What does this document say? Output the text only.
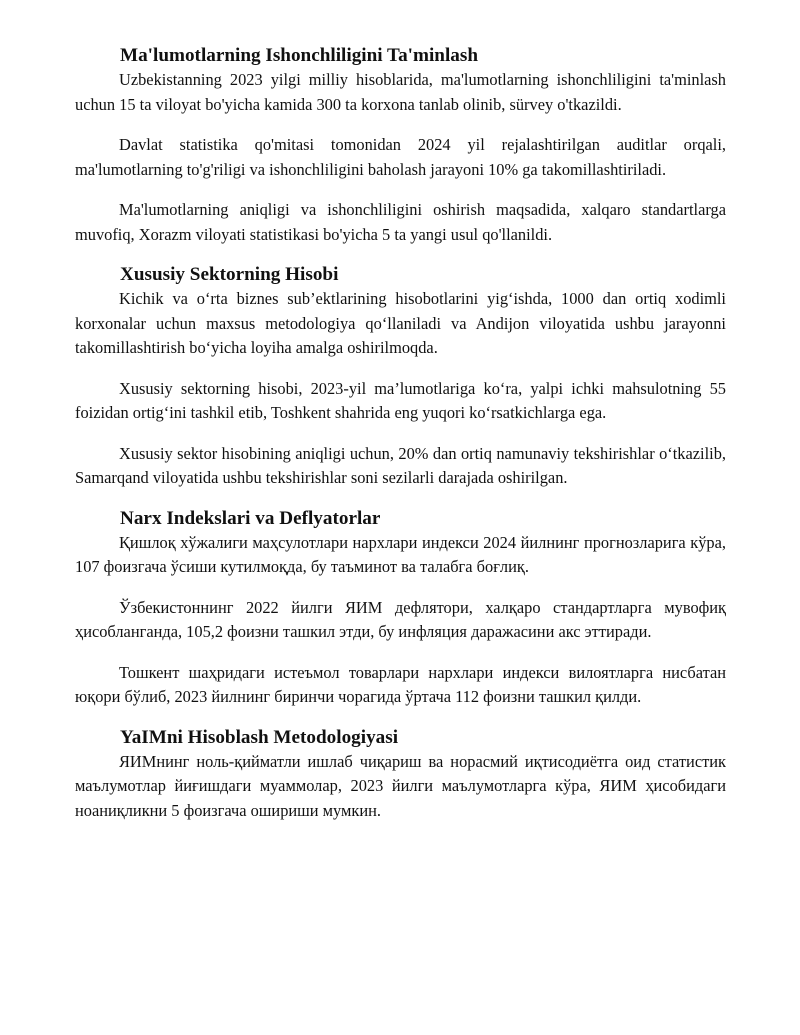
Ma'lumotlarning Ishonchliligini Ta'minlash

Uzbekistanning 2023 yilgi milliy hisoblarida, ma'lumotlarning ishonchliligini ta'minlash uchun 15 ta viloyat bo'yicha kamida 300 ta korxona tanlab olinib, sürvey o'tkazildi.

Davlat statistika qo'mitasi tomonidan 2024 yil rejalashtirilgan auditlar orqali, ma'lumotlarning to'g'riligi va ishonchliligini baholash jarayoni 10% ga takomillashtiriladi.

Ma'lumotlarning aniqligi va ishonchliligini oshirish maqsadida, xalqaro standartlarga muvofiq, Xorazm viloyati statistikasi bo'yicha 5 ta yangi usul qo'llanildi.

Xususiy Sektorning Hisobi

Kichik va o‘rta biznes sub’ektlarining hisobotlarini yig‘ishda, 1000 dan ortiq xodimli korxonalar uchun maxsus metodologiya qo‘llaniladi va Andijon viloyatida ushbu jarayonni takomillashtirish bo‘yicha loyiha amalga oshirilmoqda.

Xususiy sektorning hisobi, 2023-yil ma’lumotlariga ko‘ra, yalpi ichki mahsulotning 55 foizidan ortig‘ini tashkil etib, Toshkent shahrida eng yuqori ko‘rsatkichlarga ega.

Xususiy sektor hisobining aniqligi uchun, 20% dan ortiq namunaviy tekshirishlar o‘tkazilib, Samarqand viloyatida ushbu tekshirishlar soni sezilarli darajada oshirilgan.

Narx Indekslari va Deflyatorlar

Қишлоқ хўжалиги маҳсулотлари нархлари индекси 2024 йилнинг прогнозларига кўра, 107 фоизгача ўсиши кутилмоқда, бу таъминот ва талабга боғлиқ.

Ўзбекистоннинг 2022 йилги ЯИМ дефлятори, халқаро стандартларга мувофиқ ҳисоблангандa, 105,2 фоизни ташкил этди, бу инфляция даражасини акс эттиради.

Тошкент шаҳридаги истеъмол товарлари нархлари индекси вилоятларга нисбатан юқори бўлиб, 2023 йилнинг биринчи чорагида ўртача 112 фоизни ташкил қилди.

YaIMni Hisoblash Metodologiyasi

ЯИМнинг ноль-қийматли ишлаб чиқариш ва норасмий иқтисодиётга оид статистик маълумотлар йиғишдаги муаммолар, 2023 йилги маълумотларга кўра, ЯИМ ҳисобидаги ноаниқликни 5 фоизгача ошириши мумкин.
